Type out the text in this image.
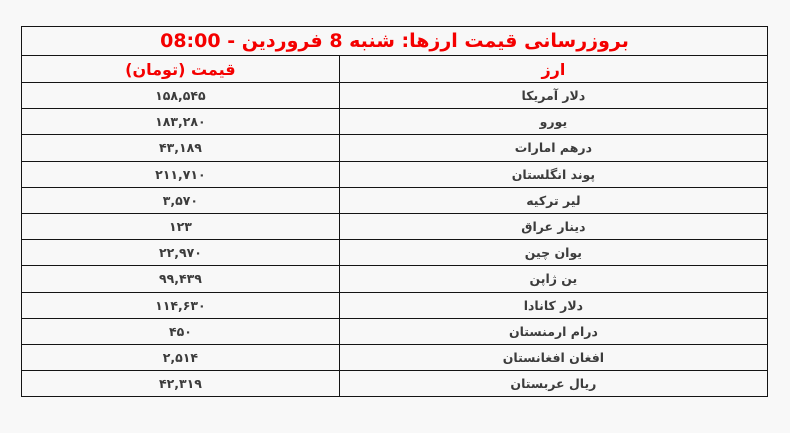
بروزرسانی قیمت ارزها: شنبه 8 فروردین - 08:00	
ارز	قیمت (تومان)
دلار آمریکا	۱۵۸,۵۴۵
یورو	۱۸۳,۲۸۰
درهم امارات	۴۳,۱۸۹
پوند انگلستان	۲۱۱,۷۱۰
لیر ترکیه	۳,۵۷۰
دینار عراق	۱۲۳
یوان چین	۲۲,۹۷۰
ین ژاپن	۹۹,۴۳۹
دلار کانادا	۱۱۴,۶۳۰
درام ارمنستان	۴۵۰
افغان افغانستان	۲,۵۱۴
ریال عربستان	۴۲,۳۱۹
